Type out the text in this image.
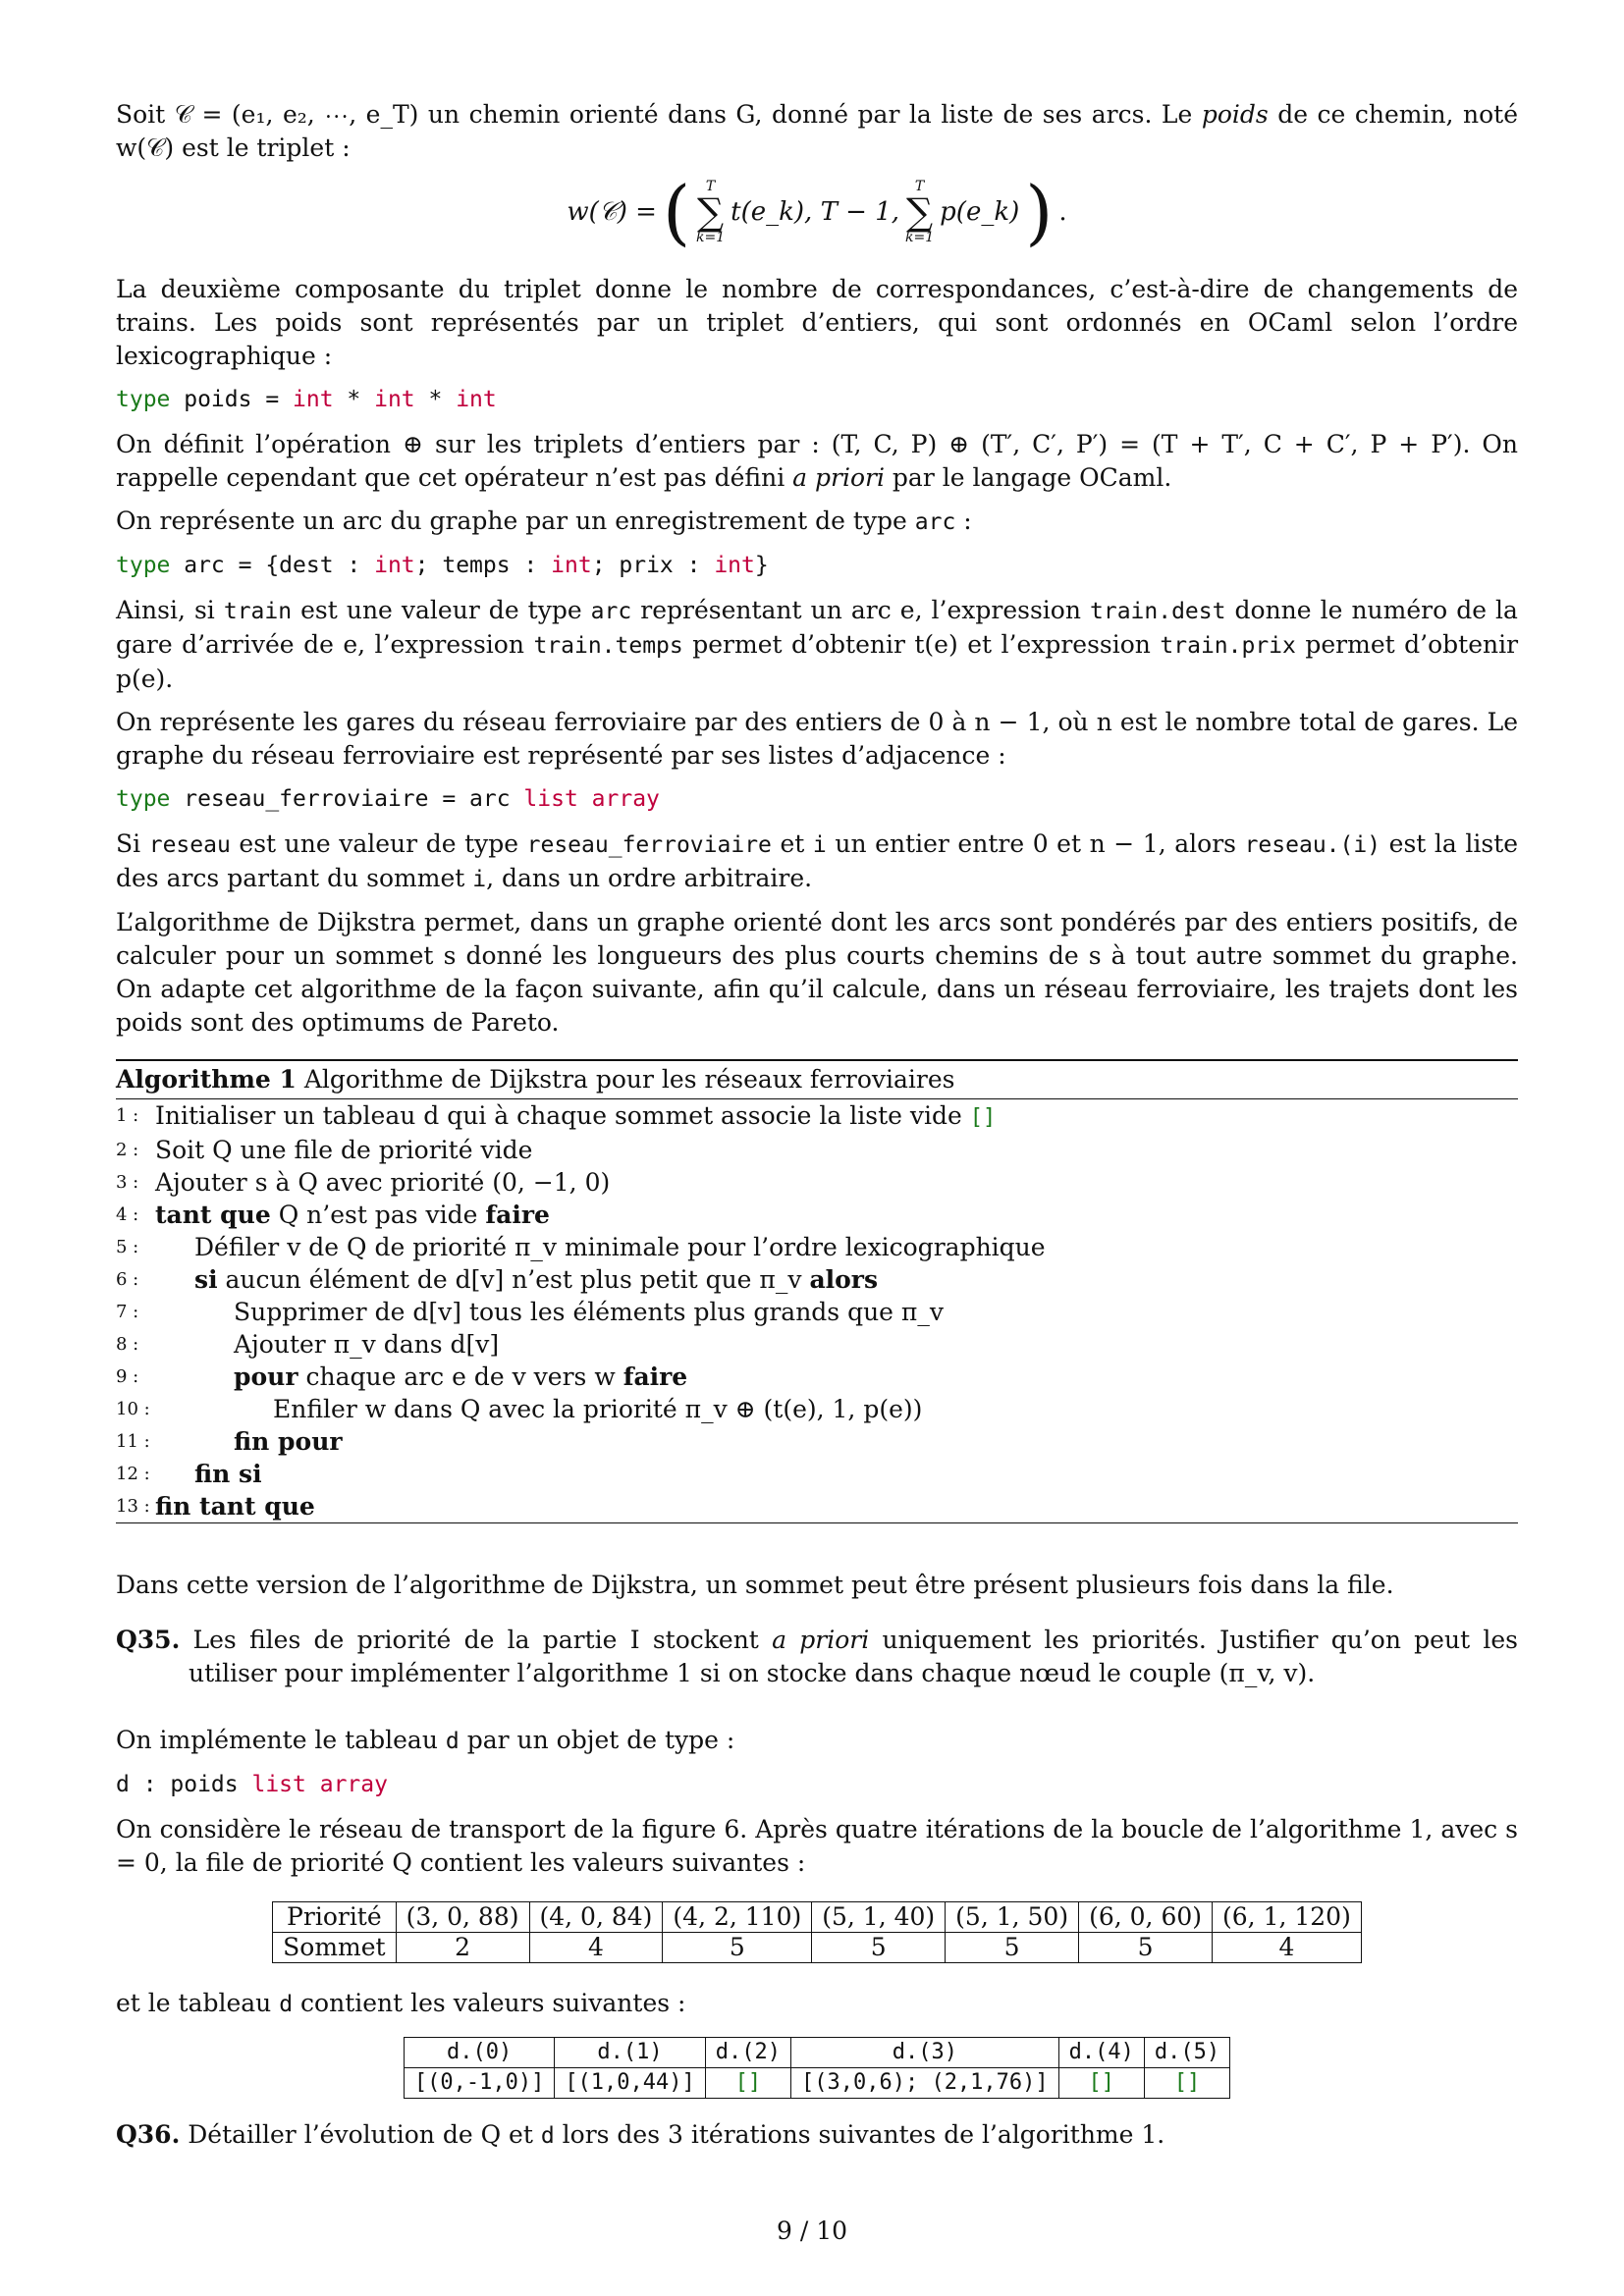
Soit 𝒞 = (e₁, e₂, ⋯, e_T) un chemin orienté dans G, donné par la liste de ses arcs. Le poids de ce chemin, noté w(𝒞) est le triplet :

w(𝒞) = ( T
∑
k=1
t(e_k), T − 1,
T
∑
k=1
p(e_k) ) .

La deuxième composante du triplet donne le nombre de correspondances, c’est-à-dire de changements de trains. Les poids sont représentés par un triplet d’entiers, qui sont ordonnés en OCaml selon l’ordre lexicographique :

type poids = int * int * int

On définit l’opération ⊕ sur les triplets d’entiers par : (T, C, P) ⊕ (T′, C′, P′) = (T + T′, C + C′, P + P′). On rappelle cependant que cet opérateur n’est pas défini a priori par le langage OCaml.

On représente un arc du graphe par un enregistrement de type arc :

type arc = {dest : int; temps : int; prix : int}

Ainsi, si train est une valeur de type arc représentant un arc e, l’expression train.dest donne le numéro de la gare d’arrivée de e, l’expression train.temps permet d’obtenir t(e) et l’expression train.prix permet d’obtenir p(e).

On représente les gares du réseau ferroviaire par des entiers de 0 à n − 1, où n est le nombre total de gares. Le graphe du réseau ferroviaire est représenté par ses listes d’adjacence :

type reseau_ferroviaire = arc list array

Si reseau est une valeur de type reseau_ferroviaire et i un entier entre 0 et n − 1, alors reseau.(i) est la liste des arcs partant du sommet i, dans un ordre arbitraire.

L’algorithme de Dijkstra permet, dans un graphe orienté dont les arcs sont pondérés par des entiers positifs, de calculer pour un sommet s donné les longueurs des plus courts chemins de s à tout autre sommet du graphe. On adapte cet algorithme de la façon suivante, afin qu’il calcule, dans un réseau ferroviaire, les trajets dont les poids sont des optimums de Pareto.

Algorithme 1 Algorithme de Dijkstra pour les réseaux ferroviaires
1 : Initialiser un tableau d qui à chaque sommet associe la liste vide []
2 : Soit Q une file de priorité vide
3 : Ajouter s à Q avec priorité (0, −1, 0)
4 : tant que Q n’est pas vide faire
5 :	Défiler v de Q de priorité π_v minimale pour l’ordre lexicographique
6 :	si aucun élément de d[v] n’est plus petit que π_v alors
7 :	Supprimer de d[v] tous les éléments plus grands que π_v
8 :	Ajouter π_v dans d[v]
9 :	pour chaque arc e de v vers w faire
10 :	Enfiler w dans Q avec la priorité π_v ⊕ (t(e), 1, p(e))
11 :	fin pour
12 :	fin si
13 : fin tant que

Dans cette version de l’algorithme de Dijkstra, un sommet peut être présent plusieurs fois dans la file.

Q35. Les files de priorité de la partie I stockent a priori uniquement les priorités. Justifier qu’on peut les utiliser pour implémenter l’algorithme 1 si on stocke dans chaque nœud le couple (π_v, v).

On implémente le tableau d par un objet de type :

d : poids list array

On considère le réseau de transport de la figure 6. Après quatre itérations de la boucle de l’algorithme 1, avec s = 0, la file de priorité Q contient les valeurs suivantes :

Priorité	(3, 0, 88)	(4, 0, 84)	(4, 2, 110)	(5, 1, 40)	(5, 1, 50)	(6, 0, 60)	(6, 1, 120)
Sommet	2	4	5	5	5	5	4

et le tableau d contient les valeurs suivantes :

d.(0)	d.(1)	d.(2)	d.(3)	d.(4)	d.(5)
[(0,-1,0)]	[(1,0,44)]	[]	[(3,0,6); (2,1,76)]	[]	[]

Q36. Détailler l’évolution de Q et d lors des 3 itérations suivantes de l’algorithme 1.

9 / 10
